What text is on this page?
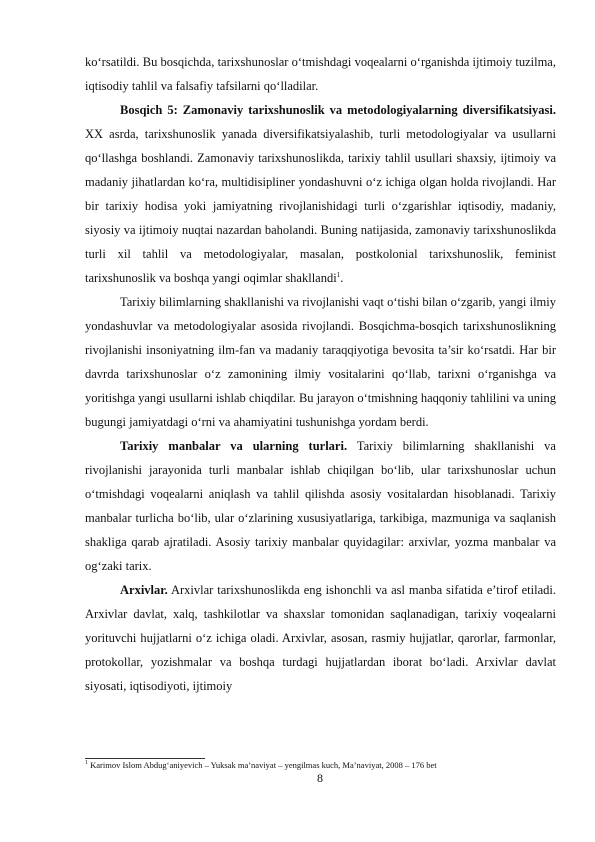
ko‘rsatildi. Bu bosqichda, tarixshunoslar o‘tmishdagi voqealarni o‘rganishda ijtimoiy tuzilma, iqtisodiy tahlil va falsafiy tafsilarni qo‘lladilar.

Bosqich 5: Zamonaviy tarixshunoslik va metodologiyalarning diversifikatsiyasi. XX asrda, tarixshunoslik yanada diversifikatsiyalashib, turli metodologiyalar va usullarni qo‘llashga boshlandi. Zamonaviy tarixshunoslikda, tarixiy tahlil usullari shaxsiy, ijtimoiy va madaniy jihatlardan ko‘ra, multidisipliner yondashuvni o‘z ichiga olgan holda rivojlandi. Har bir tarixiy hodisa yoki jamiyatning rivojlanishidagi turli o‘zgarishlar iqtisodiy, madaniy, siyosiy va ijtimoiy nuqtai nazardan baholandi. Buning natijasida, zamonaviy tarixshunoslikda turli xil tahlil va metodologiyalar, masalan, postkolonial tarixshunoslik, feminist tarixshunoslik va boshqa yangi oqimlar shakllandi$^1$.

Tarixiy bilimlarning shakllanishi va rivojlanishi vaqt o‘tishi bilan o‘zgarib, yangi ilmiy yondashuvlar va metodologiyalar asosida rivojlandi. Bosqichma-bosqich tarixshunoslikning rivojlanishi insoniyatning ilm-fan va madaniy taraqqiyotiga bevosita ta’sir ko‘rsatdi. Har bir davrda tarixshunoslar o‘z zamonining ilmiy vositalarini qo‘llab, tarixni o‘rganishga va yoritishga yangi usullarni ishlab chiqdilar. Bu jarayon o‘tmishning haqqoniy tahlilini va uning bugungi jamiyatdagi o‘rni va ahamiyatini tushunishga yordam berdi.

Tarixiy manbalar va ularning turlari. Tarixiy bilimlarning shakllanishi va rivojlanishi jarayonida turli manbalar ishlab chiqilgan bo‘lib, ular tarixshunoslar uchun o‘tmishdagi voqealarni aniqlash va tahlil qilishda asosiy vositalardan hisoblanadi. Tarixiy manbalar turlicha bo‘lib, ular o‘zlarining xususiyatlariga, tarkibiga, mazmuniga va saqlanish shakliga qarab ajratiladi. Asosiy tarixiy manbalar quyidagilar: arxivlar, yozma manbalar va og‘zaki tarix.

Arxivlar. Arxivlar tarixshunoslikda eng ishonchli va asl manba sifatida e’tirof etiladi. Arxivlar davlat, xalq, tashkilotlar va shaxslar tomonidan saqlanadigan, tarixiy voqealarni yorituvchi hujjatlarni o‘z ichiga oladi. Arxivlar, asosan, rasmiy hujjatlar, qarorlar, farmonlar, protokollar, yozishmalar va boshqa turdagi hujjatlardan iborat bo‘ladi. Arxivlar davlat siyosati, iqtisodiyoti, ijtimoiy

$^1$ Karimov Islom Abdug‘aniyevich – Yuksak ma’naviyat – yengilmas kuch, Ma’naviyat, 2008 – 176 bet
8
